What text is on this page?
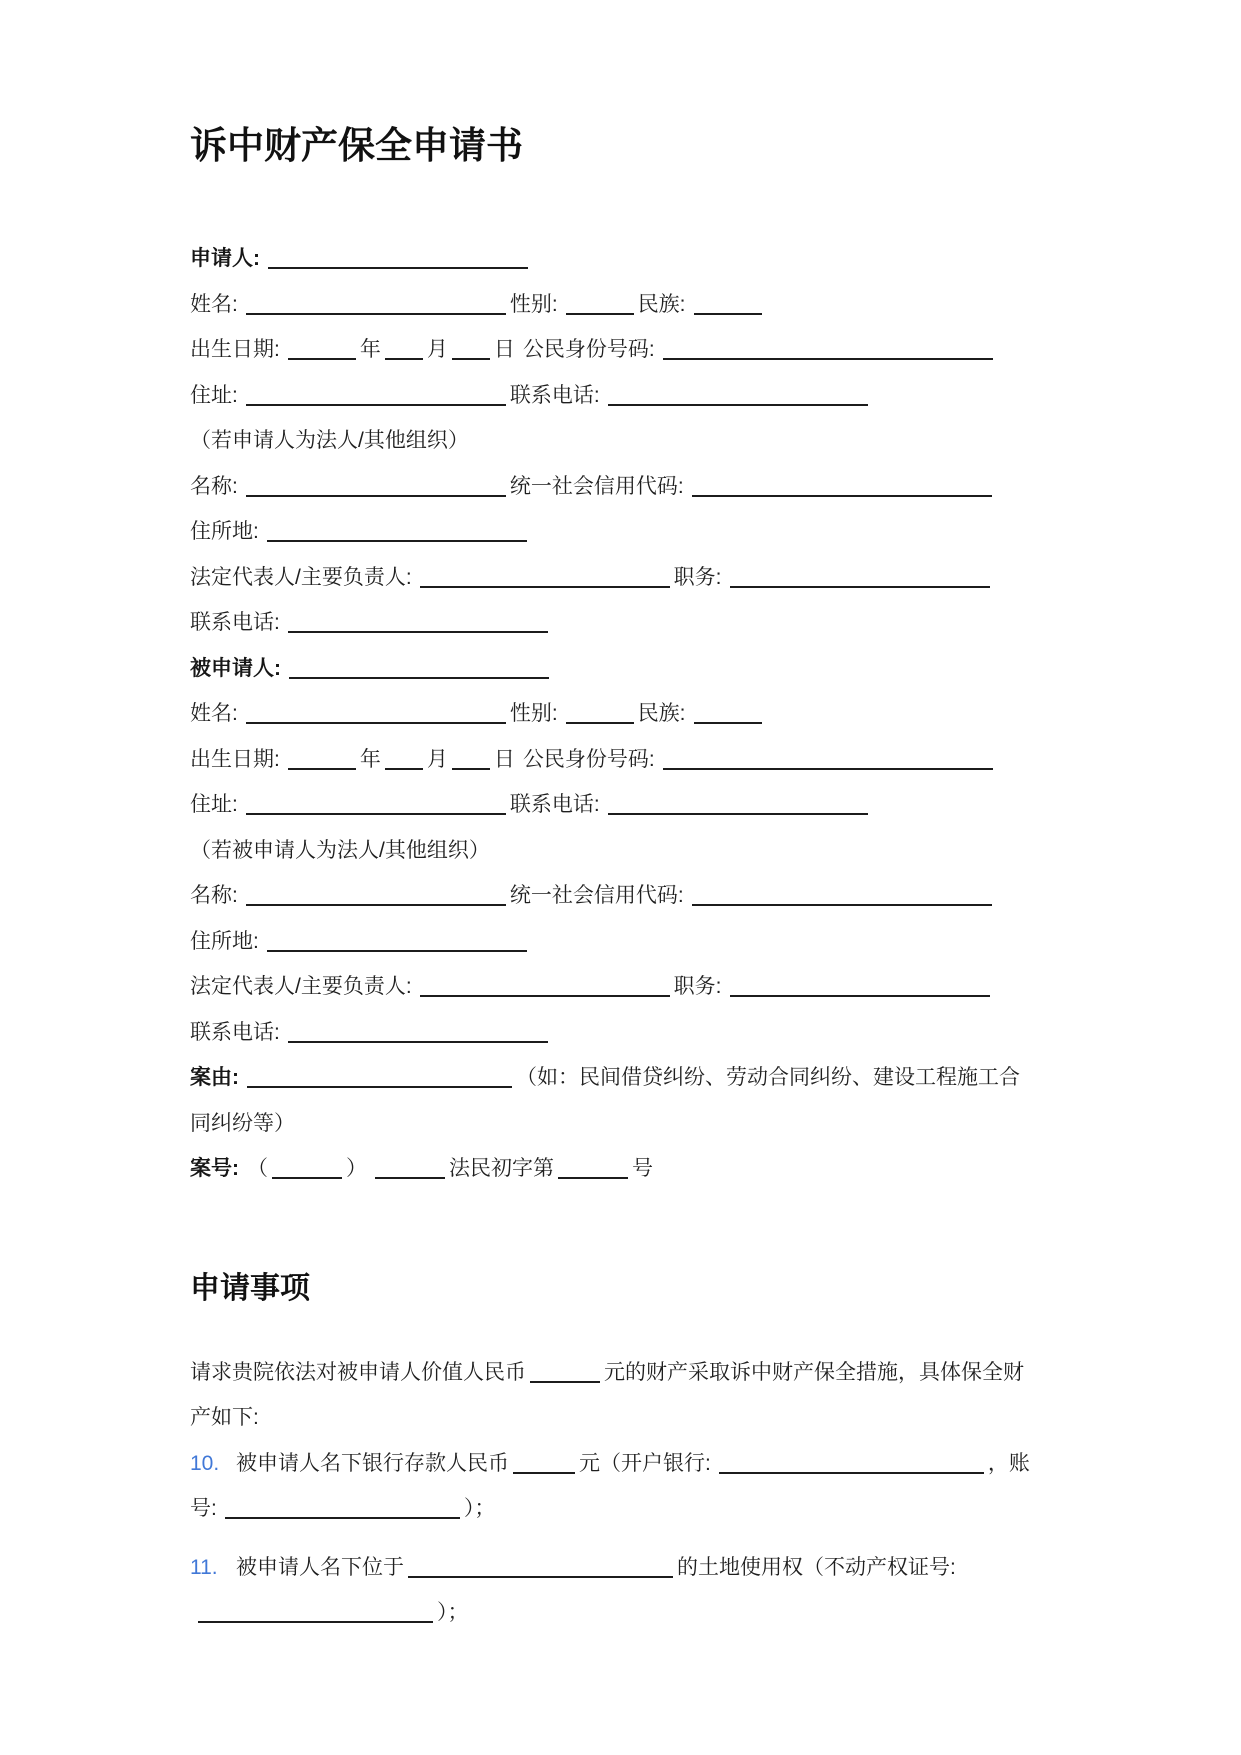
诉中财产保全申请书

申请人:

姓名:	性别:	民族:

出生日期:	年 月 日 公民身份号码:

住址:	联系电话:

（若申请人为法人/其他组织）

名称:	统一社会信用代码:

住所地:

法定代表人/主要负责人:	职务:

联系电话:

被申请人:

姓名:	性别:	民族:

出生日期:	年 月 日 公民身份号码:

住址:	联系电话:

（若被申请人为法人/其他组织）

名称:	统一社会信用代码:

住所地:

法定代表人/主要负责人:	职务:

联系电话:

案由:	（如：民间借贷纠纷、劳动合同纠纷、建设工程施工合同纠纷等）

案号: （	）	法民初字第	号

申请事项

请求贵院依法对被申请人价值人民币	元的财产采取诉中财产保全措施，具体保全财产如下:

10. 被申请人名下银行存款人民币	元（开户银行:	，账号:	）；

11. 被申请人名下位于	的土地使用权（不动产权证号:）；
